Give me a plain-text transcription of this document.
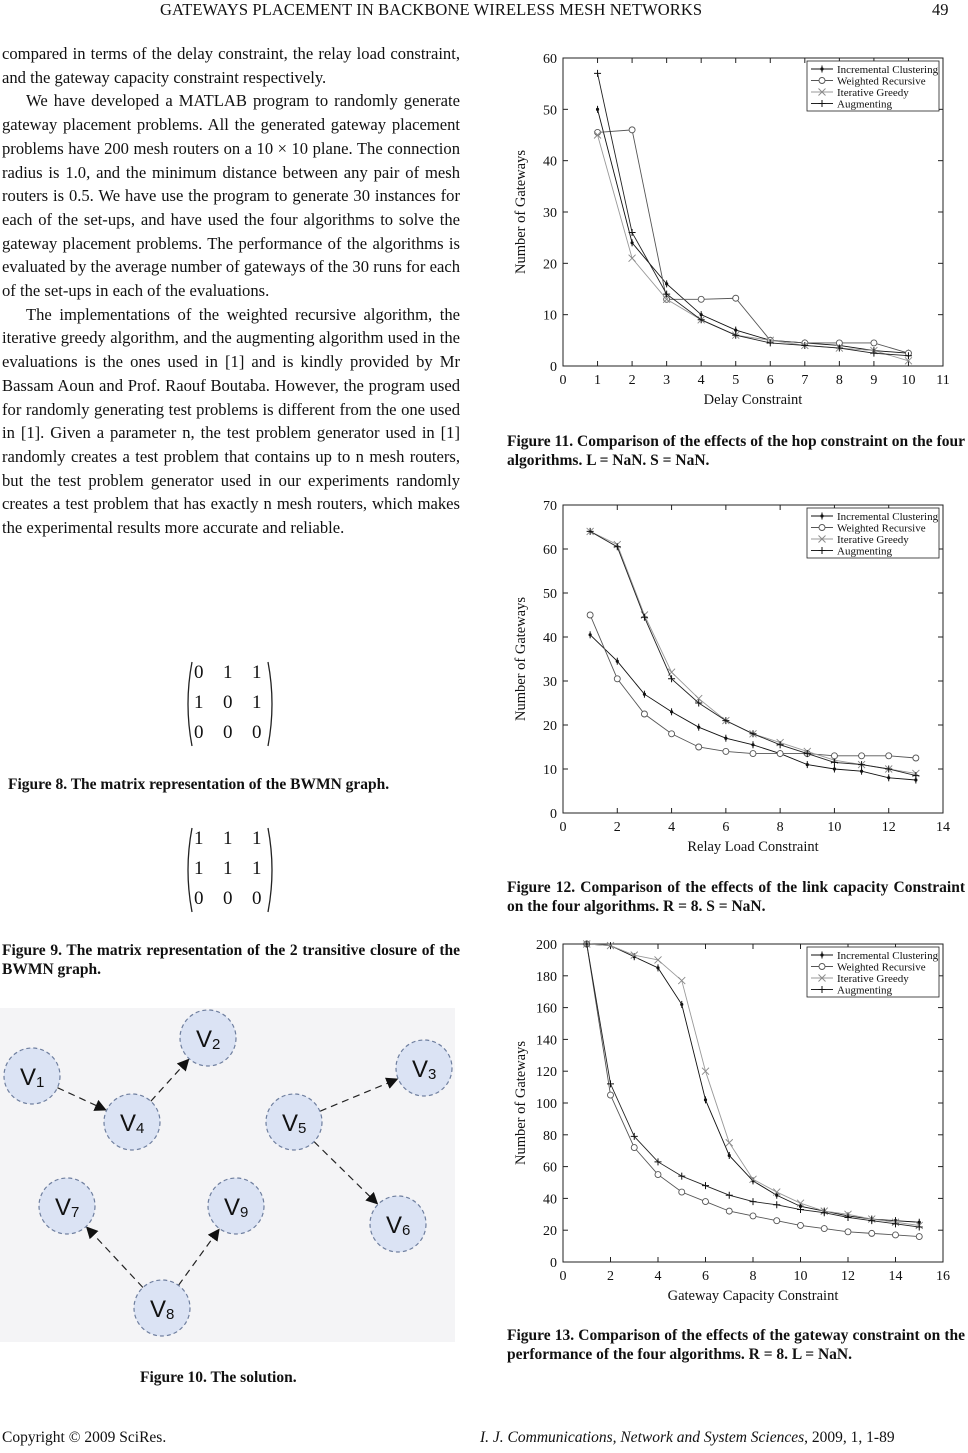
GATEWAYS PLACEMENT IN BACKBONE WIRELESS MESH NETWORKS	49

compared in terms of the delay constraint, the relay load constraint, and the gateway capacity constraint respectively.

We have developed a MATLAB program to randomly generate gateway placement problems. All the generated gateway placement problems have 200 mesh routers on a 10 × 10 plane. The connection radius is 1.0, and the minimum distance between any pair of mesh routers is 0.5. We have use the program to generate 30 instances for each of the set-ups, and have used the four algorithms to solve the gateway placement problems. The performance of the algorithms is evaluated by the average number of gateways of the 30 runs for each of the set-ups in each of the evaluations.

The implementations of the weighted recursive algorithm, the iterative greedy algorithm, and the augmenting algorithm used in the evaluations is the ones used in [1] and is kindly provided by Mr Bassam Aoun and Prof. Raouf Boutaba. However, the program used for randomly generating test problems is different from the one used in [1]. Given a parameter n, the test problem generator used in [1] randomly creates a test problem that contains up to n mesh routers, but the test problem generator used in our experiments randomly creates a test problem that has exactly n mesh routers, which makes the experimental results more accurate and reliable.

0 1 1
1 0 1
0 0 0
Figure 8. The matrix representation of the BWMN graph.
1 1 1
1 1 1
0 0 0
Figure 9. The matrix representation of the 2 transitive closure of the BWMN graph.
V1
V2
V3
V4	V5
V6
V7
V8
V9
Figure 10. The solution.
0 1 2 3 4 5 6 7 8 9 10 11
0
10
20
30
40
50
60
Delay Constraint
Number of Gateways
Incremental Clustering
Weighted Recursive
Iterative Greedy
Augmenting
Figure 11. Comparison of the effects of the hop constraint on the four algorithms. L = NaN. S = NaN.
0	2	4	6	8	10	12	14
0
10
20
30
40
50
60
70
Relay Load Constraint
Number of Gateways
Incremental Clustering
Weighted Recursive
Iterative Greedy
Augmenting
Figure 12. Comparison of the effects of the link capacity Constraint on the four algorithms. R = 8. S = NaN.
0	2	4	6	8	10 12 14 16
0
20
40
60
80
100
120
140
160
180
200
Gateway Capacity Constraint
Number of Gateways
Incremental Clustering
Weighted Recursive
Iterative Greedy
Augmenting
Figure 13. Comparison of the effects of the gateway constraint on the performance of the four algorithms. R = 8. L = NaN.
Copyright © 2009 SciRes.	I. J. Communications, Network and System Sciences, 2009, 1, 1-89
